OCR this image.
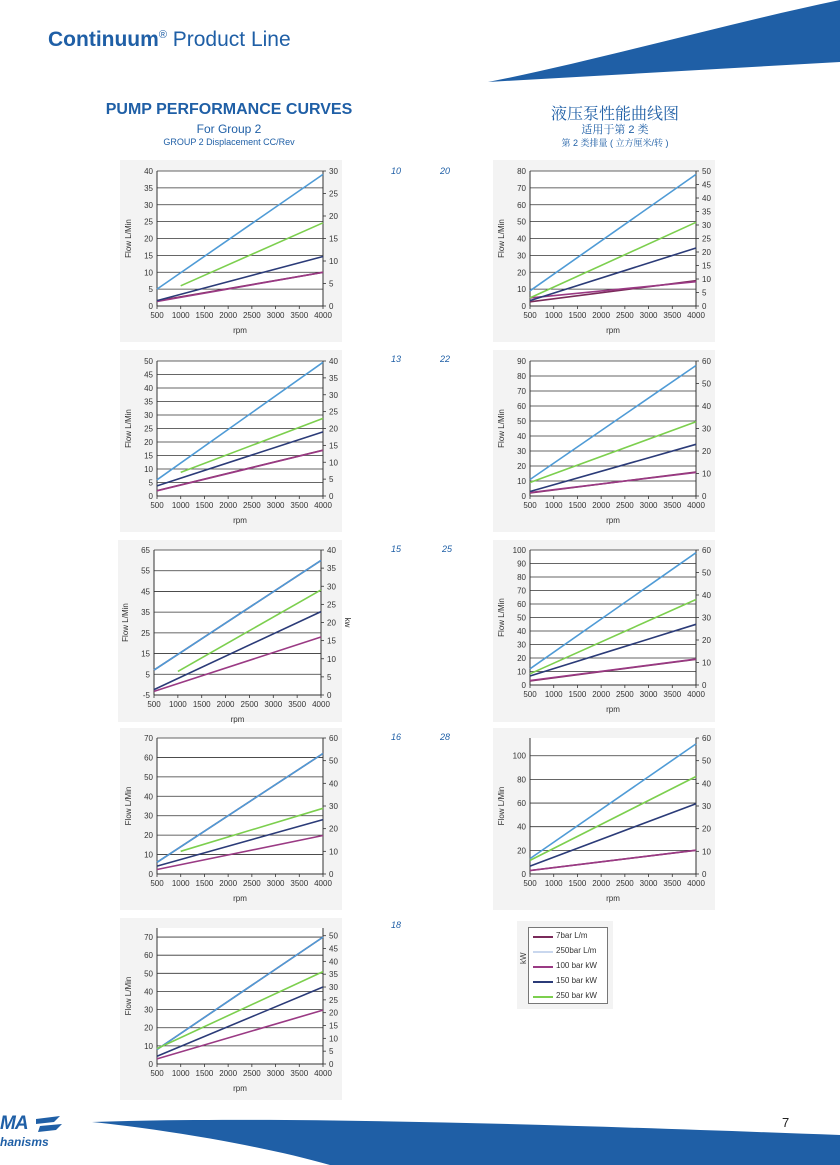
Continuum® Product Line
PUMP PERFORMANCE CURVES
For Group 2
GROUP 2 Displacement CC/Rev
液压泵性能曲线图
适用于第 2 类
第 2 类排量 ( 立方厘米/转 )
10	20
13	22
15	25
16	28
18
0
5
10
15
20
25
30
35
40
0
5
10
15
20
25
30
500 1000 1500 2000 2500 3000 3500 4000
rpm
Flow L/Min
0
10
20
30
40
50
60
70
80
0
5
10
15
20
25
30
35
40
45
50
500 1000 1500 2000 2500 3000 3500 4000
rpm
Flow L/Min
0
5
10
15
20
25
30
35
40
45
50
0
5
10
15
20
25
30
35
40
500 1000 1500 2000 2500 3000 3500 4000
rpm
Flow L/Min
0
10
20
30
40
50
60
70
80
90
0
10
20
30
40
50
60
500 1000 1500 2000 2500 3000 3500 4000
rpm
Flow L/Min
-5
5
15
25
35
45
55
65
0
5
10
15
20
25
30
35
40
500 1000 1500 2000 2500 3000 3500 4000
rpm
Flow L/Min	kw
0
10
20
30
40
50
60
70
80
90
100
0
10
20
30
40
50
60
500 1000 1500 2000 2500 3000 3500 4000
rpm
Flow L/Min
0
10
20
30
40
50
60
70
0
10
20
30
40
50
60
500 1000 1500 2000 2500 3000 3500 4000
rpm
Flow L/Min
0
20
40
60
80
100
0
10
20
30
40
50
60
500 1000 1500 2000 2500 3000 3500 4000
rpm
Flow L/Min
0
10
20
30
40
50
60
70
0
5
10
15
20
25
30
35
40
45
50
500 1000 1500 2000 2500 3000 3500 4000
rpm
Flow L/Min
kW
7bar L/m
250bar L/m
100 bar kW
150 bar kW
250 bar kW
MA
hanisms
7
